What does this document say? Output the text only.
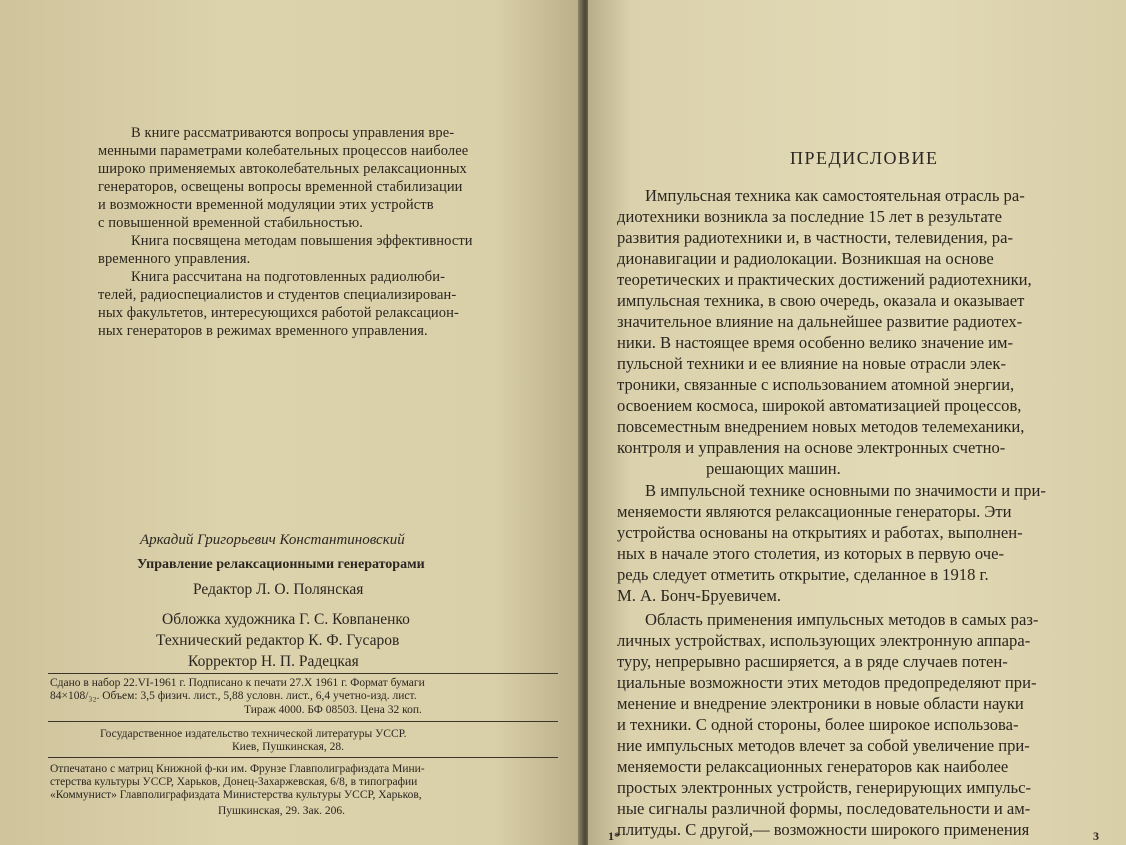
В книге рассматриваются вопросы управления вре-
менными параметрами колебательных процессов наиболее
широко применяемых автоколебательных релаксационных
генераторов, освещены вопросы временной стабилизации
и возможности временной модуляции этих устройств
с повышенной временной стабильностью.
Книга посвящена методам повышения эффективности
временного управления.
Книга рассчитана на подготовленных радиолюби-
телей, радиоспециалистов и студентов специализирован-
ных факультетов, интересующихся работой релаксацион-
ных генераторов в режимах временного управления.
Аркадий Григорьевич Константиновский
Управление релаксационными генераторами
Редактор Л. О. Полянская
Обложка художника Г. С. Ковпаненко
Технический редактор К. Ф. Гусаров
Корректор Н. П. Радецкая
Сдано в набор 22.VI-1961 г. Подписано к печати 27.X 1961 г. Формат бумаги
84×108/₃₂. Объем: 3,5 физич. лист., 5,88 условн. лист., 6,4 учетно-изд. лист.
Тираж 4000. БФ 08503. Цена 32 коп.
Государственное издательство технической литературы УССР.
Киев, Пушкинская, 28.
Отпечатано с матриц Книжной ф-ки им. Фрунзе Главполиграфиздата Мини-
стерства культуры УССР, Харьков, Донец-Захаржевская, 6/8, в типографии
«Коммунист» Главполиграфиздата Министерства культуры УССР, Харьков,
Пушкинская, 29. Зак. 206.
ПРЕДИСЛОВИЕ
Импульсная техника как самостоятельная отрасль ра-
диотехники возникла за последние 15 лет в результате
развития радиотехники и, в частности, телевидения, ра-
дионавигации и радиолокации. Возникшая на основе
теоретических и практических достижений радиотехники,
импульсная техника, в свою очередь, оказала и оказывает
значительное влияние на дальнейшее развитие радиотех-
ники. В настоящее время особенно велико значение им-
пульсной техники и ее влияние на новые отрасли элек-
троники, связанные с использованием атомной энергии,
освоением космоса, широкой автоматизацией процессов,
повсеместным внедрением новых методов телемеханики,
контроля и управления на основе электронных счетно-
решающих машин.
В импульсной технике основными по значимости и при-
меняемости являются релаксационные генераторы. Эти
устройства основаны на открытиях и работах, выполнен-
ных в начале этого столетия, из которых в первую оче-
редь следует отметить открытие, сделанное в 1918 г.
М. А. Бонч-Бруевичем.
Область применения импульсных методов в самых раз-
личных устройствах, использующих электронную аппара-
туру, непрерывно расширяется, а в ряде случаев потен-
циальные возможности этих методов предопределяют при-
менение и внедрение электроники в новые области науки
и техники. С одной стороны, более широкое использова-
ние импульсных методов влечет за собой увеличение при-
меняемости релаксационных генераторов как наиболее
простых электронных устройств, генерирующих импульс-
ные сигналы различной формы, последовательности и ам-
плитуды. С другой,— возможности широкого применения
1*	3
